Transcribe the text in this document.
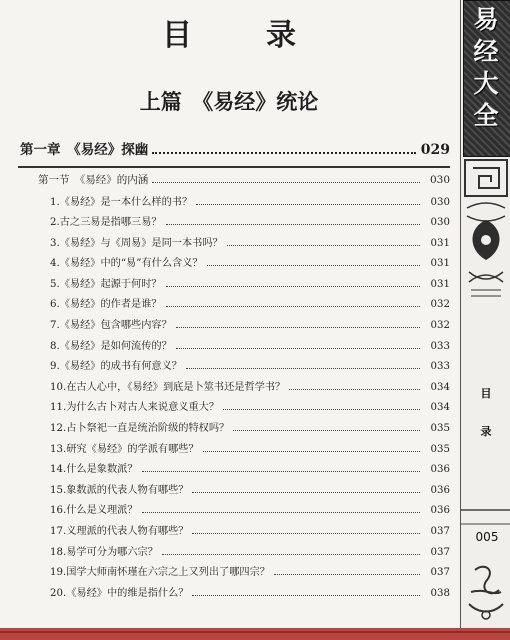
目　录
上篇　《易经》统论
第一章　《易经》探幽	029
第一节　《易经》的内涵	030
1.《易经》是一本什么样的书？	030
2.古之三易是指哪三易？	030
3.《易经》与《周易》是同一本书吗？	031
4.《易经》中的“易”有什么含义？	031
5.《易经》起源于何时？	031
6.《易经》的作者是谁？	032
7.《易经》包含哪些内容？	032
8.《易经》是如何流传的？	033
9.《易经》的成书有何意义？	033
10.在古人心中，《易经》到底是卜筮书还是哲学书？	034
11.为什么古卜对古人来说意义重大？	034
12.占卜祭祀一直是统治阶级的特权吗？	035
13.研究《易经》的学派有哪些？	035
14.什么是象数派？	036
15.象数派的代表人物有哪些？	036
16.什么是义理派？	036
17.义理派的代表人物有哪些？	037
18.易学可分为哪六宗？	037
19.国学大师南怀瑾在六宗之上又列出了哪四宗？	037
20.《易经》中的维是指什么？	038
易
经
大
全
目
录
005
